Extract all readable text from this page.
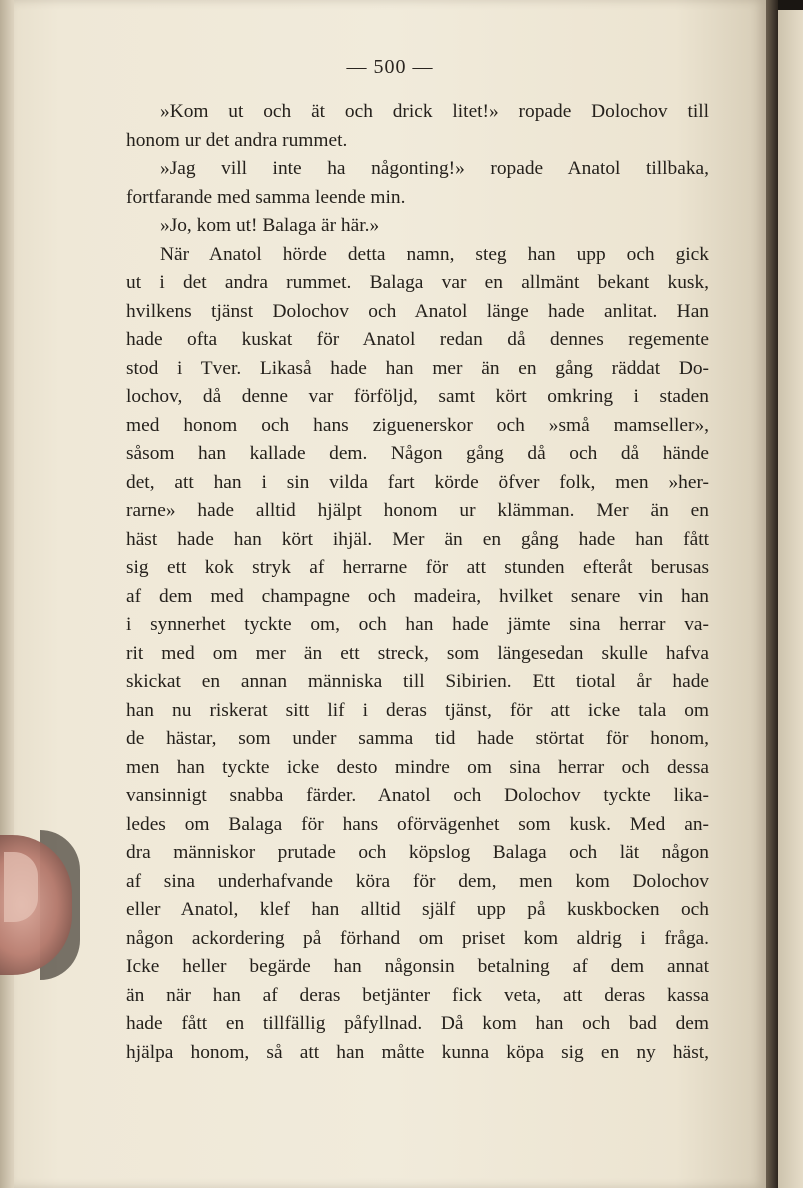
— 500 —
»Kom ut och ät och drick litet!» ropade Dolochov till
honom ur det andra rummet.
»Jag vill inte ha någonting!» ropade Anatol tillbaka,
fortfarande med samma leende min.
»Jo, kom ut! Balaga är här.»
När Anatol hörde detta namn, steg han upp och gick
ut i det andra rummet. Balaga var en allmänt bekant kusk,
hvilkens tjänst Dolochov och Anatol länge hade anlitat. Han
hade ofta kuskat för Anatol redan då dennes regemente
stod i Tver. Likaså hade han mer än en gång räddat Do-
lochov, då denne var förföljd, samt kört omkring i staden
med honom och hans ziguenerskor och »små mamseller»,
såsom han kallade dem. Någon gång då och då hände
det, att han i sin vilda fart körde öfver folk, men »her-
rarne» hade alltid hjälpt honom ur klämman. Mer än en
häst hade han kört ihjäl. Mer än en gång hade han fått
sig ett kok stryk af herrarne för att stunden efteråt berusas
af dem med champagne och madeira, hvilket senare vin han
i synnerhet tyckte om, och han hade jämte sina herrar va-
rit med om mer än ett streck, som längesedan skulle hafva
skickat en annan människa till Sibirien. Ett tiotal år hade
han nu riskerat sitt lif i deras tjänst, för att icke tala om
de hästar, som under samma tid hade störtat för honom,
men han tyckte icke desto mindre om sina herrar och dessa
vansinnigt snabba färder. Anatol och Dolochov tyckte lika-
ledes om Balaga för hans oförvägenhet som kusk. Med an-
dra människor prutade och köpslog Balaga och lät någon
af sina underhafvande köra för dem, men kom Dolochov
eller Anatol, klef han alltid själf upp på kuskbocken och
någon ackordering på förhand om priset kom aldrig i fråga.
Icke heller begärde han någonsin betalning af dem annat
än när han af deras betjänter fick veta, att deras kassa
hade fått en tillfällig påfyllnad. Då kom han och bad dem
hjälpa honom, så att han måtte kunna köpa sig en ny häst,
